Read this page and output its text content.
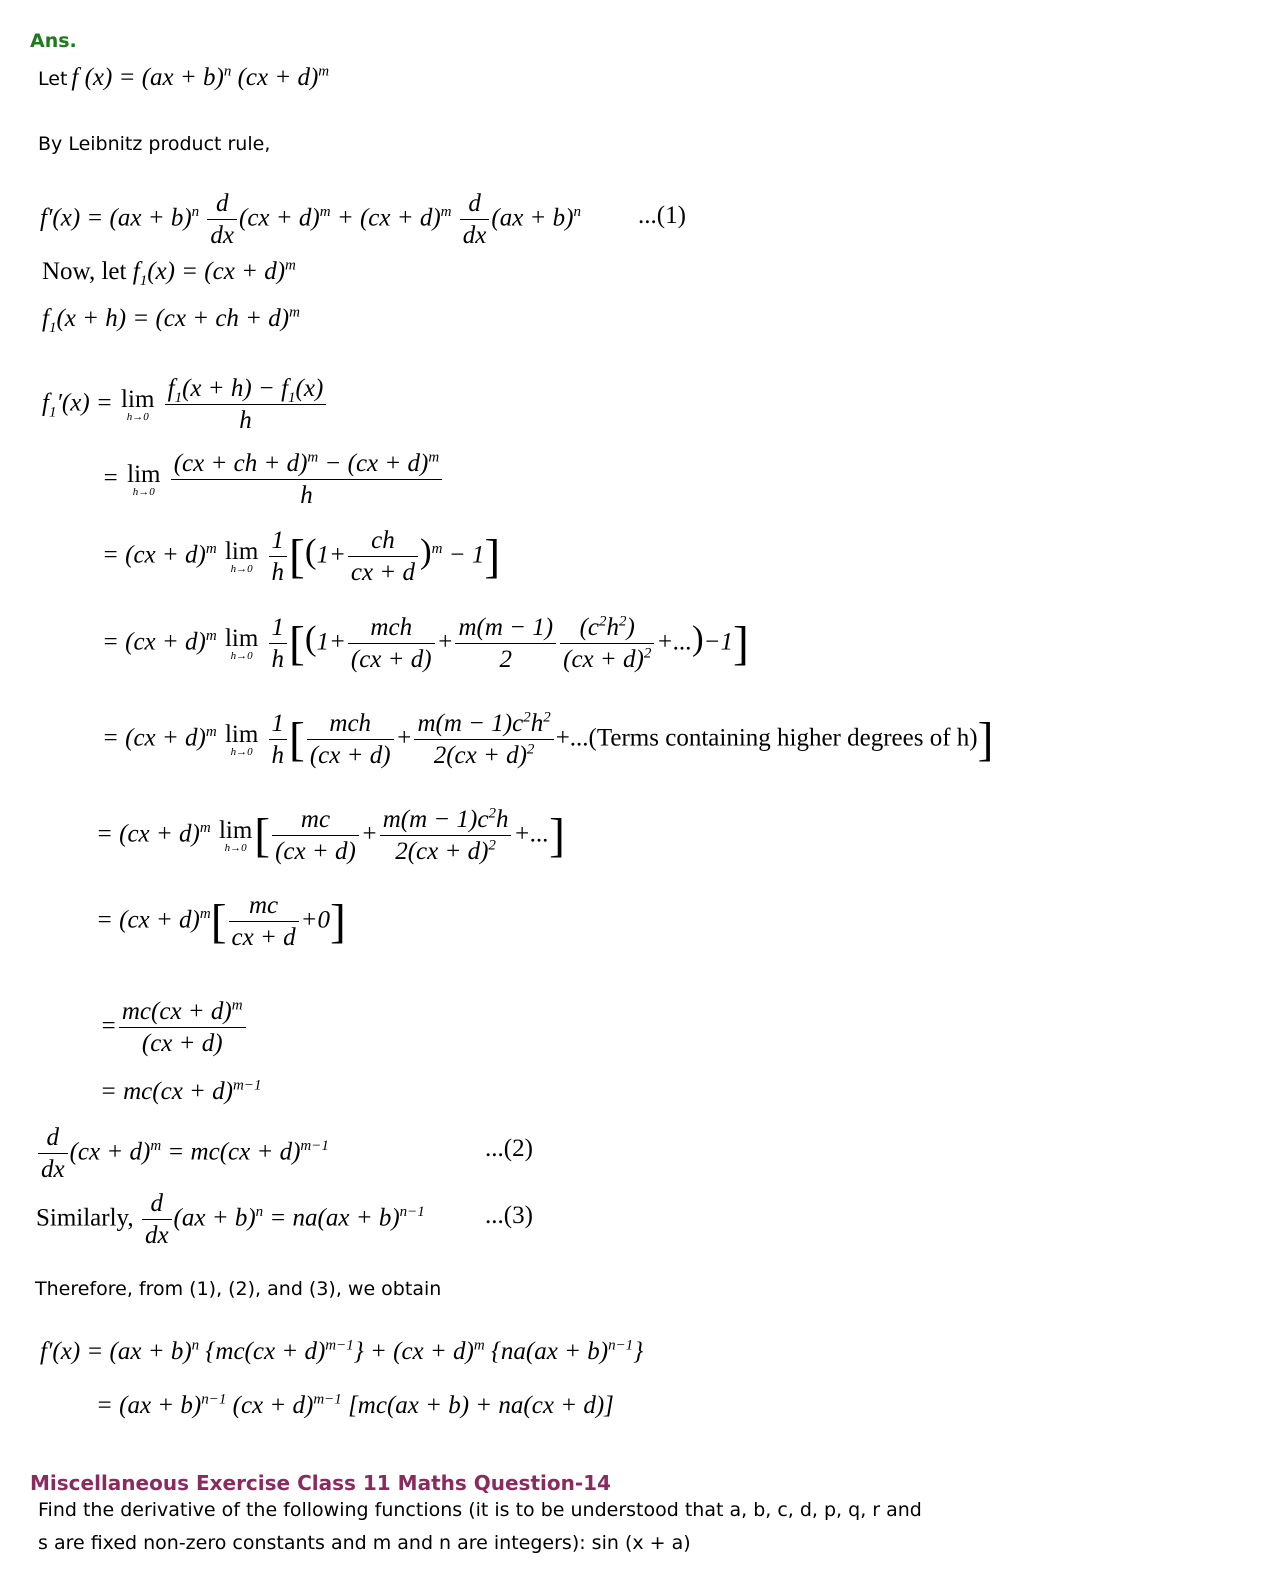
Ans.
Let f (x) = (ax + b)$^n$ (cx + d)$^m$
By Leibnitz product rule,
$f'(x) = (ax + b)^n \frac{d}{dx} (cx + d)^m + (cx + d)^m \frac{d}{dx} (ax + b)^n$ ...(1)
Now, let $f_1(x) = (cx + d)^m$
$f_1(x + h) = (cx$ + ch + d)$^m$
$f_1'(x) = \lim$
h→0
$\frac{f_1(x + h) - f_1(x)}{h}$
= lim
h→0
$\frac{(cx + ch + d)^m - (cx + d)^m}{h}$
= (cx + d)$^m$ lim
h→0
$\frac{1}{h} [(1+ \frac{ch}{cx + d} )^m - 1]$
= (cx + d)$^m$ lim
h→0
$\frac{1}{h} [(1+ \frac{\text{mch}}{(cx + d)} + \frac{m(m - 1)}{2} \frac{(c^2h^2)}{(cx + d)^2} +...)-1]$
= (cx + d)$^m$ lim
h→0
$\frac{1}{h}$ [ $\frac{\text{mch}}{(cx + d)} + \frac{m(m - 1)c^2h^2}{2(cx + d)^2}$ +...(Terms containing higher degrees of h)]
= (cx + d)$^m$ lim
h→0 [ $\frac{mc}{(cx + d)} + \frac{m(m - 1)c^2h}{2(cx + d)^2}$ +...]
= $(cx + d)^m[ \frac{mc}{cx + d} +0]$
= $\frac{mc(cx + d)^m}{(cx + d)}$
= mc(cx + d)$^{m-1}$
$\frac{d}{dx} (cx + d)^m = mc(cx + d)^{m-1}$	...(2)
Similarly, $\frac{d}{dx} (ax + b)^n = na(ax + b)^{n-1}$ ...(3)
Therefore, from (1), (2), and (3), we obtain
f′(x) = (ax + b)$^n$ {mc(cx + d)$^{m-1}$} + (cx + d)$^m$ {na(ax + b)$^{n-1}$}
= (ax + b)$^{n-1}$ (cx + d)$^{m-1}$ [mc(ax + b) + na(cx + d)]
Miscellaneous Exercise Class 11 Maths Question-14
Find the derivative of the following functions (it is to be understood that a, b, c, d, p, q, r and
s are fixed non-zero constants and m and n are integers): sin (x + a)
